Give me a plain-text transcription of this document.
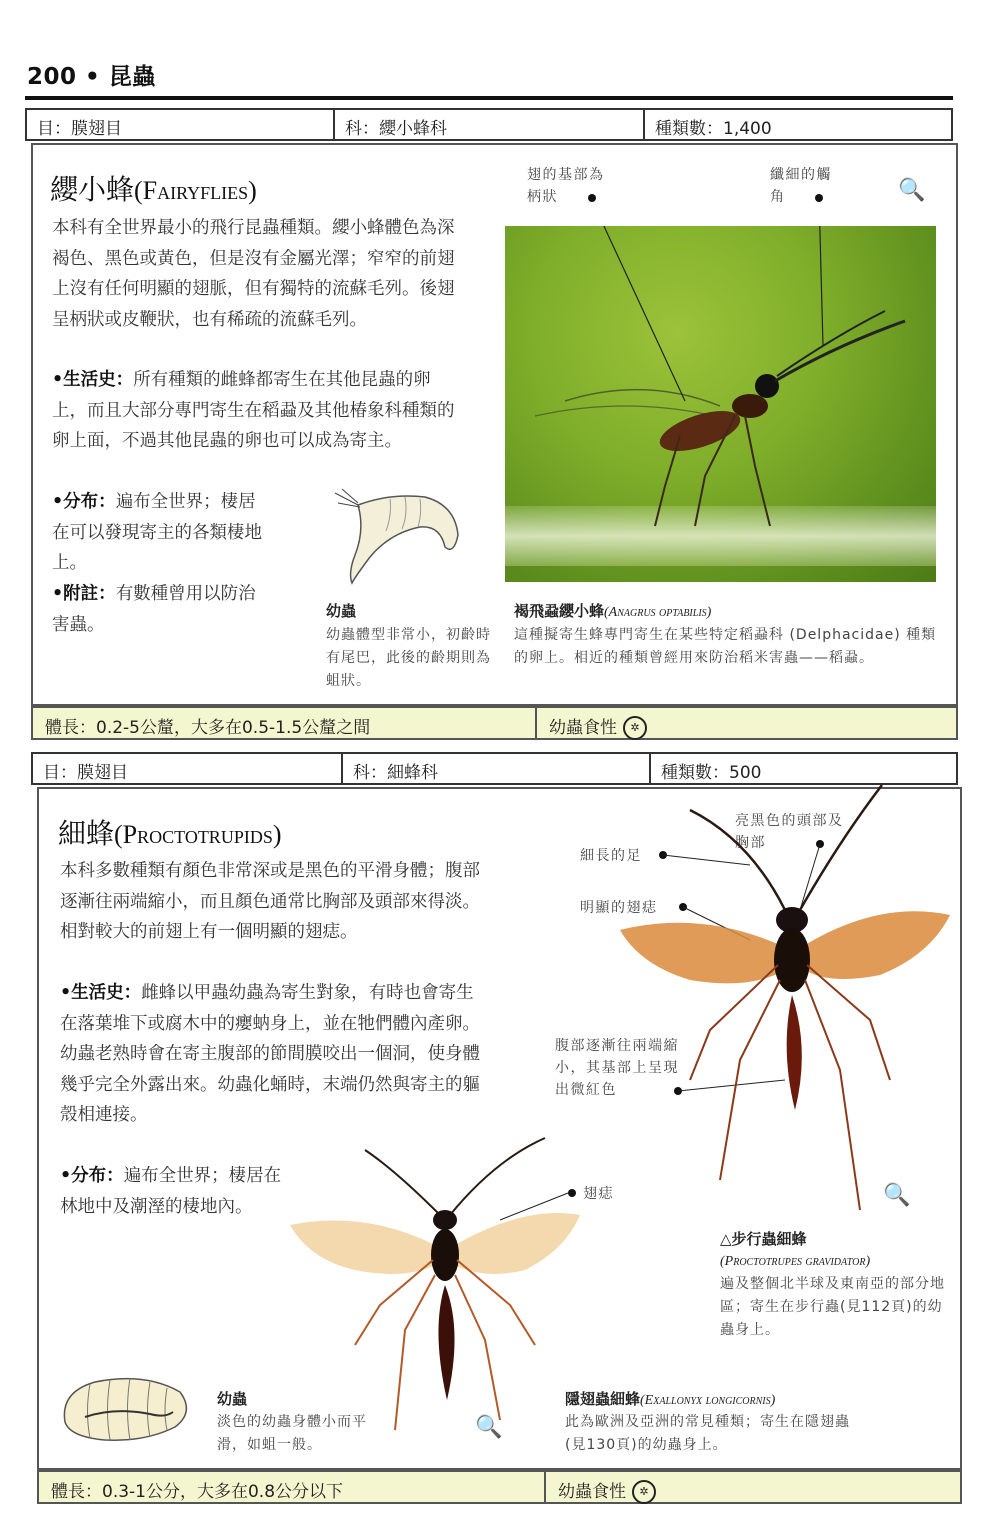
200 • 昆蟲
目：膜翅目	科：纓小蜂科	種類數：1,400
纓小蜂(Fairyflies)
本科有全世界最小的飛行昆蟲種類。纓小蜂體色為深褐色、黑色或黃色，但是沒有金屬光澤；窄窄的前翅上沒有任何明顯的翅脈，但有獨特的流蘇毛列。後翅呈柄狀或皮鞭狀，也有稀疏的流蘇毛列。
•生活史：所有種類的雌蜂都寄生在其他昆蟲的卵上，而且大部分專門寄生在稻蝨及其他椿象科種類的卵上面，不過其他昆蟲的卵也可以成為寄主。
•分布：遍布全世界；棲居在可以發現寄主的各類棲地上。
•附註：有數種曾用以防治害蟲。
幼蟲
幼蟲體型非常小，初齡時有尾巴，此後的齡期則為蛆狀。
翅的基部為柄狀
纖細的觸角	🔍
褐飛蝨纓小蜂(Anagrus optabilis)
這種擬寄生蜂專門寄生在某些特定稻蝨科 (Delphacidae) 種類的卵上。相近的種類曾經用來防治稻米害蟲——稻蝨。
體長：0.2-5公釐，大多在0.5-1.5公釐之間	幼蟲食性 ✲
目：膜翅目	科：細蜂科	種類數：500
細蜂(Proctotrupids)
本科多數種類有顏色非常深或是黑色的平滑身體；腹部逐漸往兩端縮小，而且顏色通常比胸部及頭部來得淡。相對較大的前翅上有一個明顯的翅痣。
•生活史：雌蜂以甲蟲幼蟲為寄生對象，有時也會寄生在落葉堆下或腐木中的癭蚋身上，並在牠們體內產卵。幼蟲老熟時會在寄主腹部的節間膜咬出一個洞，使身體幾乎完全外露出來。幼蟲化蛹時，末端仍然與寄主的軀殼相連接。
•分布：遍布全世界；棲居在林地中及潮溼的棲地內。
亮黑色的頭部及胸部
細長的足
明顯的翅痣
腹部逐漸往兩端縮小，其基部上呈現出微紅色
🔍
△步行蟲細蜂
(Proctotrupes gravidator)
遍及整個北半球及東南亞的部分地區；寄生在步行蟲(見112頁)的幼蟲身上。
翅痣
🔍
幼蟲
淡色的幼蟲身體小而平滑，如蛆一般。
隱翅蟲細蜂(Exallonyx longicornis)
此為歐洲及亞洲的常見種類；寄生在隱翅蟲(見130頁)的幼蟲身上。
體長：0.3-1公分，大多在0.8公分以下	幼蟲食性 ✲
